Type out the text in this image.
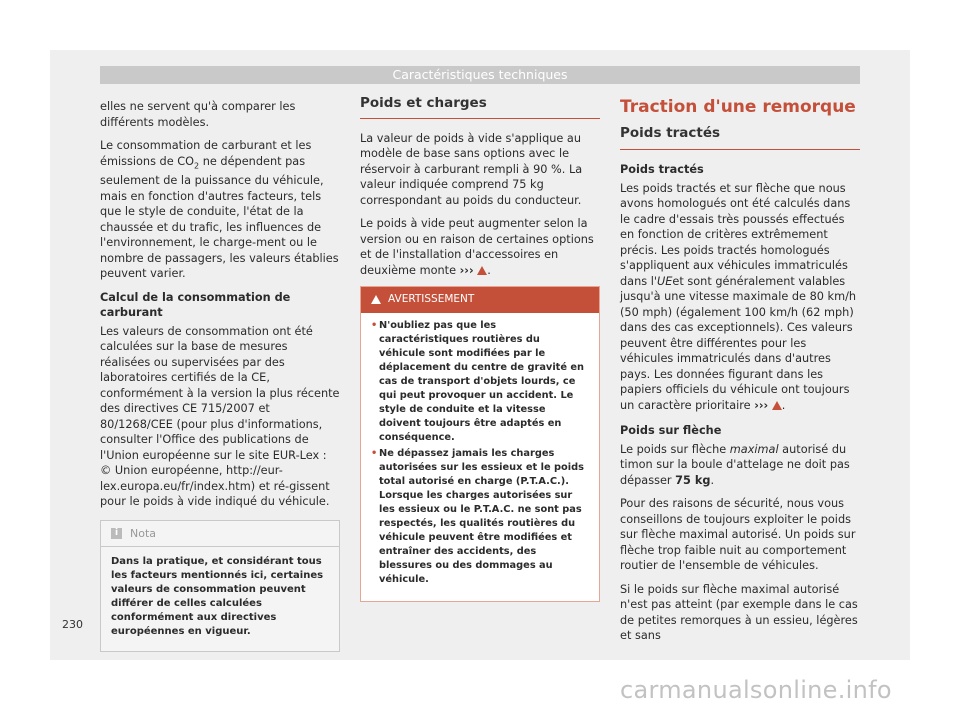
Caractéristiques techniques

elles ne servent qu'à comparer les différents modèles.

Le consommation de carburant et les émissions de $CO_2$ ne dépendent pas seulement de la puissance du véhicule, mais en fonction d'autres facteurs, tels que le style de conduite, l'état de la chaussée et du trafic, les influences de l'environnement, le charge-ment ou le nombre de passagers, les valeurs établies peuvent varier.

Calcul de la consommation de carburant

Les valeurs de consommation ont été calculées sur la base de mesures réalisées ou supervisées par des laboratoires certifiés de la CE, conformément à la version la plus récente des directives CE 715/2007 et 80/1268/CEE (pour plus d'informations, consulter l'Office des publications de l'Union européenne sur le site EUR-Lex : © Union européenne, http://eur-lex.europa.eu/fr/index.htm) et ré-gissent pour le poids à vide indiqué du véhicule.

i	Nota
Dans la pratique, et considérant tous les facteurs mentionnés ici, certaines valeurs de consommation peuvent différer de celles calculées conformément aux directives européennes en vigueur.
Poids et charges

La valeur de poids à vide s'applique au modèle de base sans options avec le réservoir à carburant rempli à 90 %. La valeur indiquée comprend 75 kg correspondant au poids du conducteur.

Le poids à vide peut augmenter selon la version ou en raison de certaines options et de l'installation d'accessoires en deuxième monte ››› .

AVERTISSEMENT
• N'oubliez pas que les caractéristiques routières du véhicule sont modifiées par le déplacement du centre de gravité en cas de transport d'objets lourds, ce qui peut provoquer un accident. Le style de conduite et la vitesse doivent toujours être adaptés en conséquence.
• Ne dépassez jamais les charges autorisées sur les essieux et le poids total autorisé en charge (P.T.A.C.). Lorsque les charges autorisées sur les essieux ou le P.T.A.C. ne sont pas respectés, les qualités routières du véhicule peuvent être modifiées et entraîner des accidents, des blessures ou des dommages au véhicule.
Traction d'une remorque
Poids tractés
Poids tractés

Les poids tractés et sur flèche que nous avons homologués ont été calculés dans le cadre d'essais très poussés effectués en fonction de critères extrêmement précis. Les poids tractés homologués s'appliquent aux véhicules immatriculés dans l'UEet sont généralement valables jusqu'à une vitesse maximale de 80 km/h (50 mph) (également 100 km/h (62 mph) dans des cas exceptionnels). Ces valeurs peuvent être différentes pour les véhicules immatriculés dans d'autres pays. Les données figurant dans les papiers officiels du véhicule ont toujours un caractère prioritaire ››› .

Poids sur flèche

Le poids sur flèche maximal autorisé du timon sur la boule d'attelage ne doit pas dépasser 75 kg.

Pour des raisons de sécurité, nous vous conseillons de toujours exploiter le poids sur flèche maximal autorisé. Un poids sur flèche trop faible nuit au comportement routier de l'ensemble de véhicules.

Si le poids sur flèche maximal autorisé n'est pas atteint (par exemple dans le cas de petites remorques à un essieu, légères et sans

230
carmanualsonline.info
